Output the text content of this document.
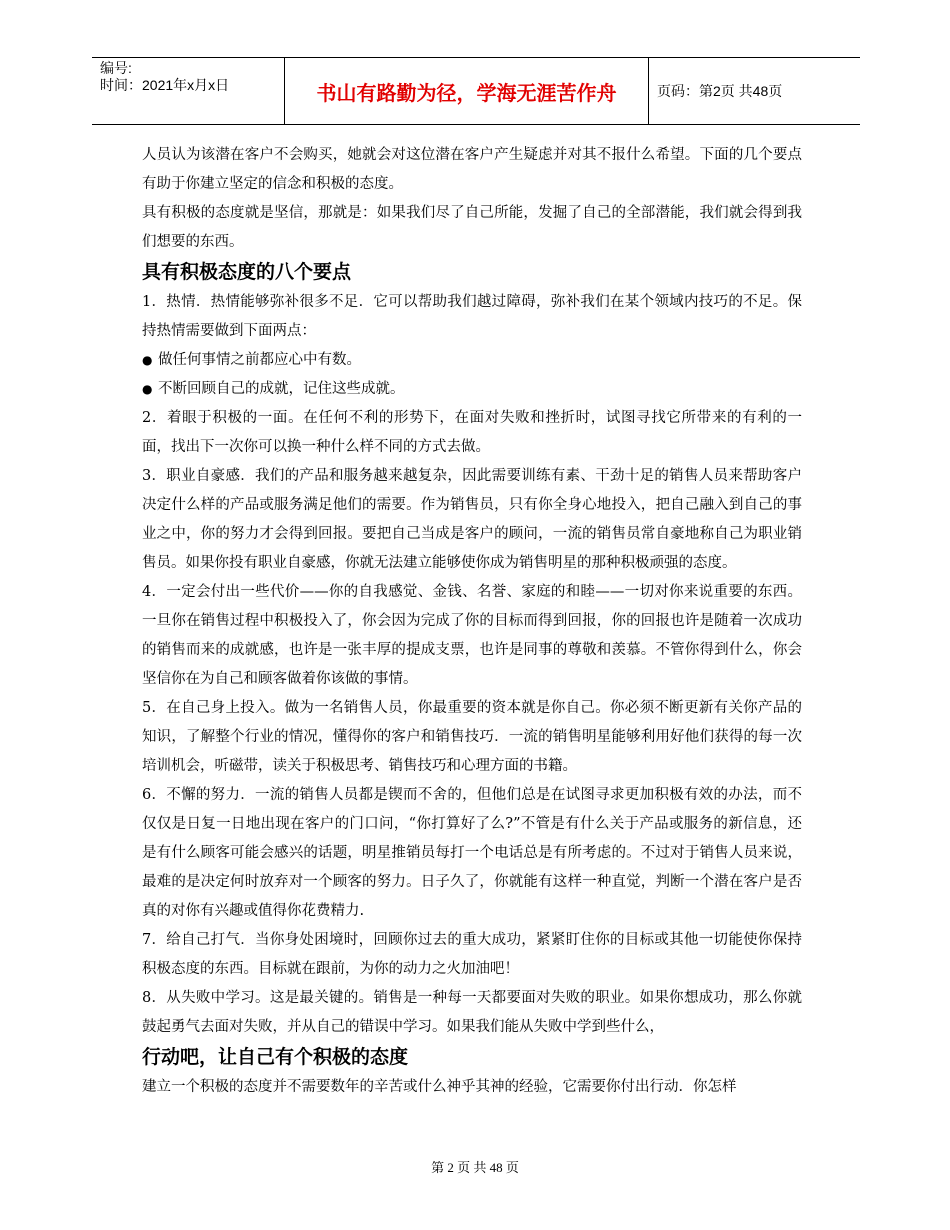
编号:
时间：2021年x月x日	书山有路勤为径，学海无涯苦作舟	页码：第2页 共48页

人员认为该潜在客户不会购买，她就会对这位潜在客户产生疑虑并对其不报什么希望。下面的几个要点有助于你建立坚定的信念和积极的态度。

具有积极的态度就是坚信，那就是：如果我们尽了自己所能，发掘了自己的全部潜能，我们就会得到我们想要的东西。

具有积极态度的八个要点

1．热情．热情能够弥补很多不足．它可以帮助我们越过障碍，弥补我们在某个领域内技巧的不足。保持热情需要做到下面两点：

● 做任何事情之前都应心中有数。

● 不断回顾自己的成就，记住这些成就。

2．着眼于积极的一面。在任何不利的形势下，在面对失败和挫折时，试图寻找它所带来的有利的一面，找出下一次你可以换一种什么样不同的方式去做。

3．职业自豪感．我们的产品和服务越来越复杂，因此需要训练有素、干劲十足的销售人员来帮助客户决定什么样的产品或服务满足他们的需要。作为销售员，只有你全身心地投入，把自己融入到自己的事业之中，你的努力才会得到回报。要把自己当成是客户的顾问，一流的销售员常自豪地称自己为职业销售员。如果你投有职业自豪感，你就无法建立能够使你成为销售明星的那种积极顽强的态度。

4．一定会付出一些代价——你的自我感觉、金钱、名誉、家庭的和睦——一切对你来说重要的东西。一旦你在销售过程中积极投入了，你会因为完成了你的目标而得到回报，你的回报也许是随着一次成功的销售而来的成就感，也许是一张丰厚的提成支票，也许是同事的尊敬和羡慕。不管你得到什么，你会坚信你在为自己和顾客做着你该做的事情。

5．在自己身上投入。做为一名销售人员，你最重要的资本就是你自己。你必须不断更新有关你产品的知识，了解整个行业的情况，懂得你的客户和销售技巧．一流的销售明星能够利用好他们获得的每一次培训机会，听磁带，读关于积极思考、销售技巧和心理方面的书籍。

6．不懈的努力．一流的销售人员都是锲而不舍的，但他们总是在试图寻求更加积极有效的办法，而不仅仅是日复一日地出现在客户的门口问，“你打算好了么?”不管是有什么关于产品或服务的新信息，还是有什么顾客可能会感兴的话题，明星推销员每打一个电话总是有所考虑的。不过对于销售人员来说，最难的是决定何时放弃对一个顾客的努力。日子久了，你就能有这样一种直觉，判断一个潜在客户是否真的对你有兴趣或值得你花费精力.

7．给自己打气．当你身处困境时，回顾你过去的重大成功，紧紧盯住你的目标或其他一切能使你保持积极态度的东西。目标就在跟前，为你的动力之火加油吧！

8．从失败中学习。这是最关键的。销售是一种每一天都要面对失败的职业。如果你想成功，那么你就鼓起勇气去面对失败，并从自己的错误中学习。如果我们能从失败中学到些什么，

行动吧，让自己有个积极的态度

建立一个积极的态度并不需要数年的辛苦或什么神乎其神的经验，它需要你付出行动．你怎样

第 2 页 共 48 页
